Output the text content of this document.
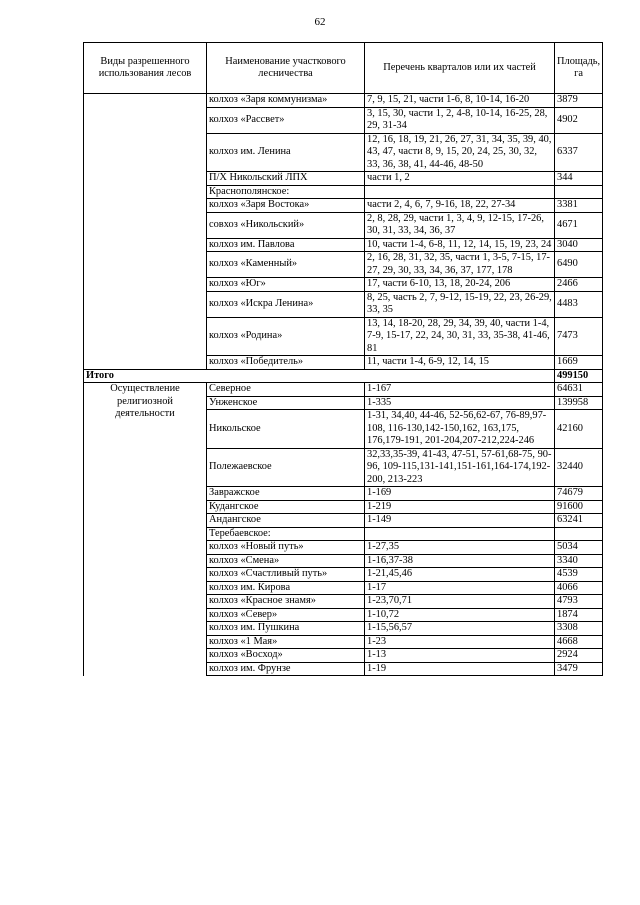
62
Виды разрешенного использования лесов	Наименование участкового лесничества	Перечень кварталов или их частей	Площадь, га
	колхоз «Заря коммунизма»	7, 9, 15, 21, части 1-6, 8, 10-14, 16-20	3879
	колхоз «Рассвет»	3, 15, 30, части 1, 2, 4-8, 10-14, 16-25, 28, 29, 31-34	4902
	колхоз им. Ленина	12, 16, 18, 19, 21, 26, 27, 31, 34, 35, 39, 40, 43, 47, части 8, 9, 15, 20, 24, 25, 30, 32, 33, 36, 38, 41, 44-46, 48-50	6337
	П/Х Никольский ЛПХ	части 1, 2	344
	Краснополянское:		
	колхоз «Заря Востока»	части 2, 4, 6, 7, 9-16, 18, 22, 27-34	3381
	совхоз «Никольский»	2, 8, 28, 29, части 1, 3, 4, 9, 12-15, 17-26, 30, 31, 33, 34, 36, 37	4671
	колхоз им. Павлова	10, части 1-4, 6-8, 11, 12, 14, 15, 19, 23, 24	3040
	колхоз «Каменный»	2, 16, 28, 31, 32, 35, части 1, 3-5, 7-15, 17-27, 29, 30, 33, 34, 36, 37, 177, 178	6490
	колхоз «Юг»	17, части 6-10, 13, 18, 20-24, 206	2466
	колхоз «Искра Ленина»	8, 25, часть 2, 7, 9-12, 15-19, 22, 23, 26-29, 33, 35	4483
	колхоз «Родина»	13, 14, 18-20, 28, 29, 34, 39, 40, части 1-4, 7-9, 15-17, 22, 24, 30, 31, 33, 35-38, 41-46, 81	7473
	колхоз «Победитель»	11, части 1-4, 6-9, 12, 14, 15	1669
Итого			499150
Осуществление религиозной деятельности	Северное	1-167	64631
	Унженское	1-335	139958
	Никольское	1-31, 34,40, 44-46, 52-56,62-67, 76-89,97-108, 116-130,142-150,162, 163,175, 176,179-191, 201-204,207-212,224-246	42160
	Полежаевское	32,33,35-39, 41-43, 47-51, 57-61,68-75, 90-96, 109-115,131-141,151-161,164-174,192-200, 213-223	32440
	Завражское	1-169	74679
	Кудангское	1-219	91600
	Андангское	1-149	63241
	Теребаевское:		
	колхоз «Новый путь»	1-27,35	5034
	колхоз «Смена»	1-16,37-38	3340
	колхоз «Счастливый путь»	1-21,45,46	4539
	колхоз им. Кирова	1-17	4066
	колхоз «Красное знамя»	1-23,70,71	4793
	колхоз «Север»	1-10,72	1874
	колхоз им. Пушкина	1-15,56,57	3308
	колхоз «1 Мая»	1-23	4668
	колхоз «Восход»	1-13	2924
	колхоз им. Фрунзе	1-19	3479
